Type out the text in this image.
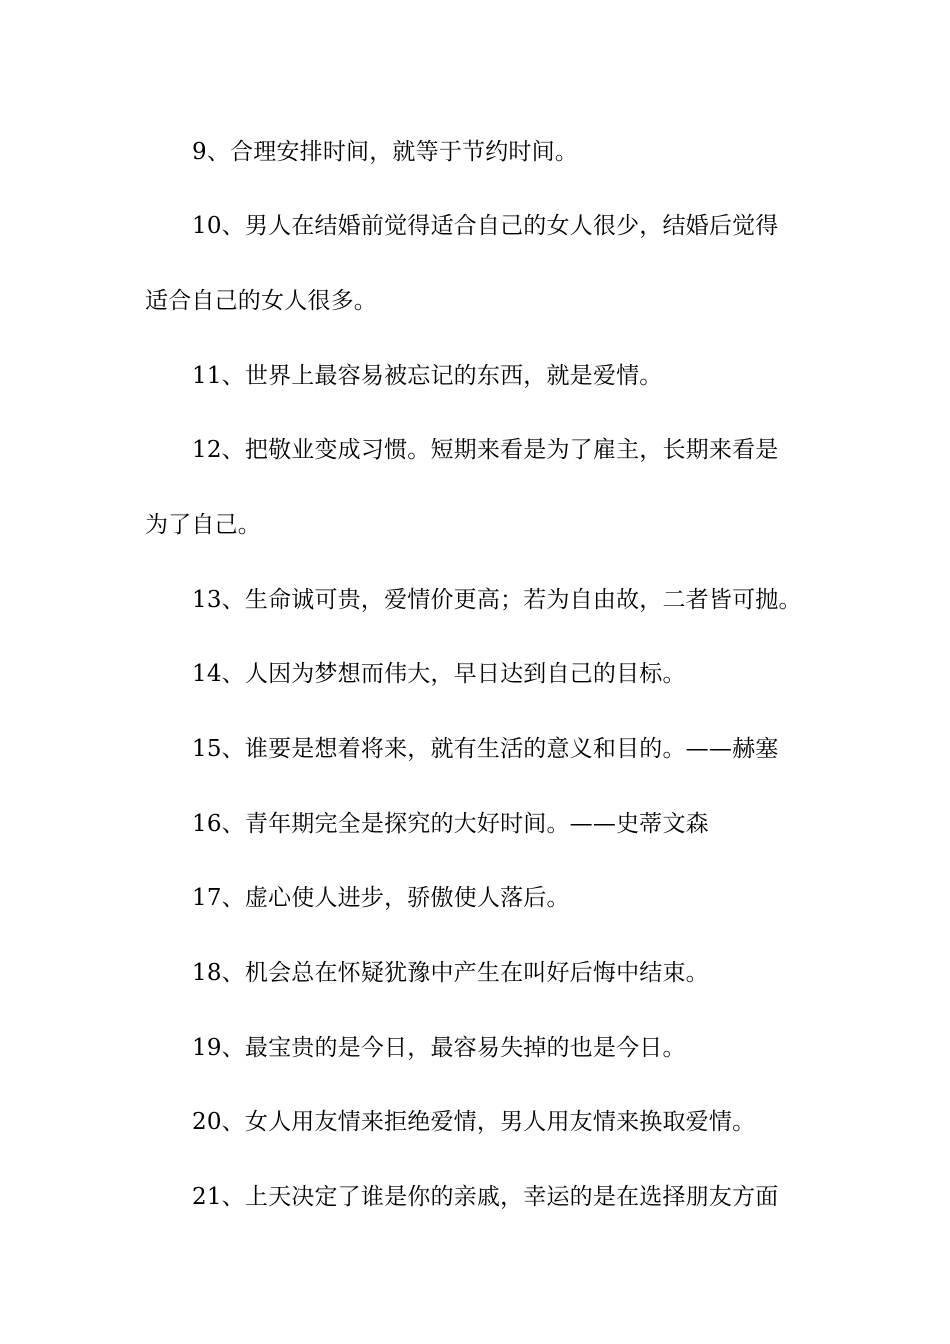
9、合理安排时间，就等于节约时间。
10、男人在结婚前觉得适合自己的女人很少，结婚后觉得
适合自己的女人很多。
11、世界上最容易被忘记的东西，就是爱情。
12、把敬业变成习惯。短期来看是为了雇主，长期来看是
为了自己。
13、生命诚可贵，爱情价更高；若为自由故，二者皆可抛。
14、人因为梦想而伟大，早日达到自己的目标。
15、谁要是想着将来，就有生活的意义和目的。——赫塞
16、青年期完全是探究的大好时间。——史蒂文森
17、虚心使人进步，骄傲使人落后。
18、机会总在怀疑犹豫中产生在叫好后悔中结束。
19、最宝贵的是今日，最容易失掉的也是今日。
20、女人用友情来拒绝爱情，男人用友情来换取爱情。
21、上天决定了谁是你的亲戚，幸运的是在选择朋友方面
